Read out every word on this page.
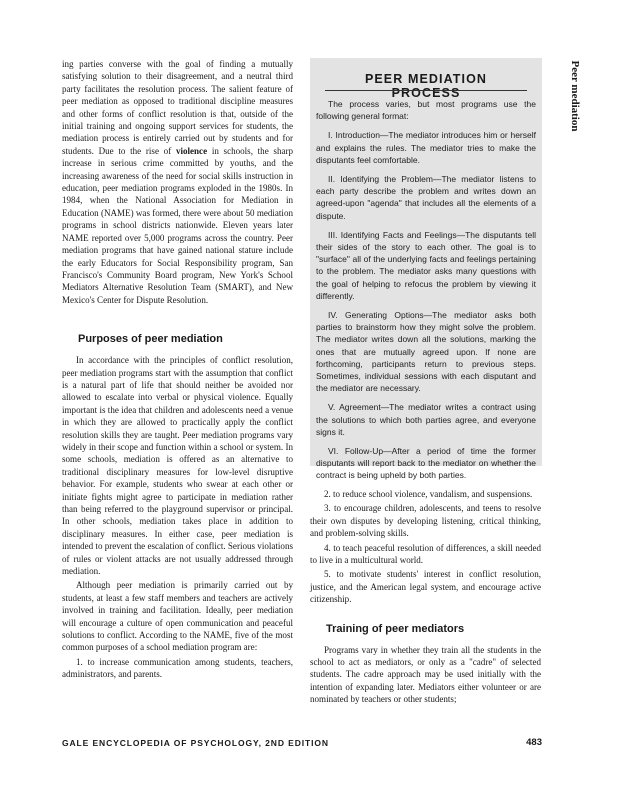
ing parties converse with the goal of finding a mutually satisfying solution to their disagreement, and a neutral third party facilitates the resolution process. The salient feature of peer mediation as opposed to traditional discipline measures and other forms of conflict resolution is that, outside of the initial training and ongoing support services for students, the mediation process is entirely carried out by students and for students. Due to the rise of violence in schools, the sharp increase in serious crime committed by youths, and the increasing awareness of the need for social skills instruction in education, peer mediation programs exploded in the 1980s. In 1984, when the National Association for Mediation in Education (NAME) was formed, there were about 50 mediation programs in school districts nationwide. Eleven years later NAME reported over 5,000 programs across the country. Peer mediation programs that have gained national stature include the early Educators for Social Responsibility program, San Francisco's Community Board program, New York's School Mediators Alternative Resolution Team (SMART), and New Mexico's Center for Dispute Resolution.

Purposes of peer mediation

In accordance with the principles of conflict resolution, peer mediation programs start with the assumption that conflict is a natural part of life that should neither be avoided nor allowed to escalate into verbal or physical violence. Equally important is the idea that children and adolescents need a venue in which they are allowed to practically apply the conflict resolution skills they are taught. Peer mediation programs vary widely in their scope and function within a school or system. In some schools, mediation is offered as an alternative to traditional disciplinary measures for low-level disruptive behavior. For example, students who swear at each other or initiate fights might agree to participate in mediation rather than being referred to the playground supervisor or principal. In other schools, mediation takes place in addition to disciplinary measures. In either case, peer mediation is intended to prevent the escalation of conflict. Serious violations of rules or violent attacks are not usually addressed through mediation.

Although peer mediation is primarily carried out by students, at least a few staff members and teachers are actively involved in training and facilitation. Ideally, peer mediation will encourage a culture of open communication and peaceful solutions to conflict. According to the NAME, five of the most common purposes of a school mediation program are:

1. to increase communication among students, teachers, administrators, and parents.

PEER MEDIATION PROCESS

The process varies, but most programs use the following general format:

I. Introduction—The mediator introduces him or herself and explains the rules. The mediator tries to make the disputants feel comfortable.

II. Identifying the Problem—The mediator listens to each party describe the problem and writes down an agreed-upon "agenda" that includes all the elements of a dispute.

III. Identifying Facts and Feelings—The disputants tell their sides of the story to each other. The goal is to "surface" all of the underlying facts and feelings pertaining to the problem. The mediator asks many questions with the goal of helping to refocus the problem by viewing it differently.

IV. Generating Options—The mediator asks both parties to brainstorm how they might solve the problem. The mediator writes down all the solutions, marking the ones that are mutually agreed upon. If none are forthcoming, participants return to previous steps. Sometimes, individual sessions with each disputant and the mediator are necessary.

V. Agreement—The mediator writes a contract using the solutions to which both parties agree, and everyone signs it.

VI. Follow-Up—After a period of time the former disputants will report back to the mediator on whether the contract is being upheld by both parties.

2. to reduce school violence, vandalism, and suspensions.

3. to encourage children, adolescents, and teens to resolve their own disputes by developing listening, critical thinking, and problem-solving skills.

4. to teach peaceful resolution of differences, a skill needed to live in a multicultural world.

5. to motivate students' interest in conflict resolution, justice, and the American legal system, and encourage active citizenship.

Training of peer mediators

Programs vary in whether they train all the students in the school to act as mediators, or only as a "cadre" of selected students. The cadre approach may be used initially with the intention of expanding later. Mediators either volunteer or are nominated by teachers or other students;

Peer mediation
GALE ENCYCLOPEDIA OF PSYCHOLOGY, 2ND EDITION	483
